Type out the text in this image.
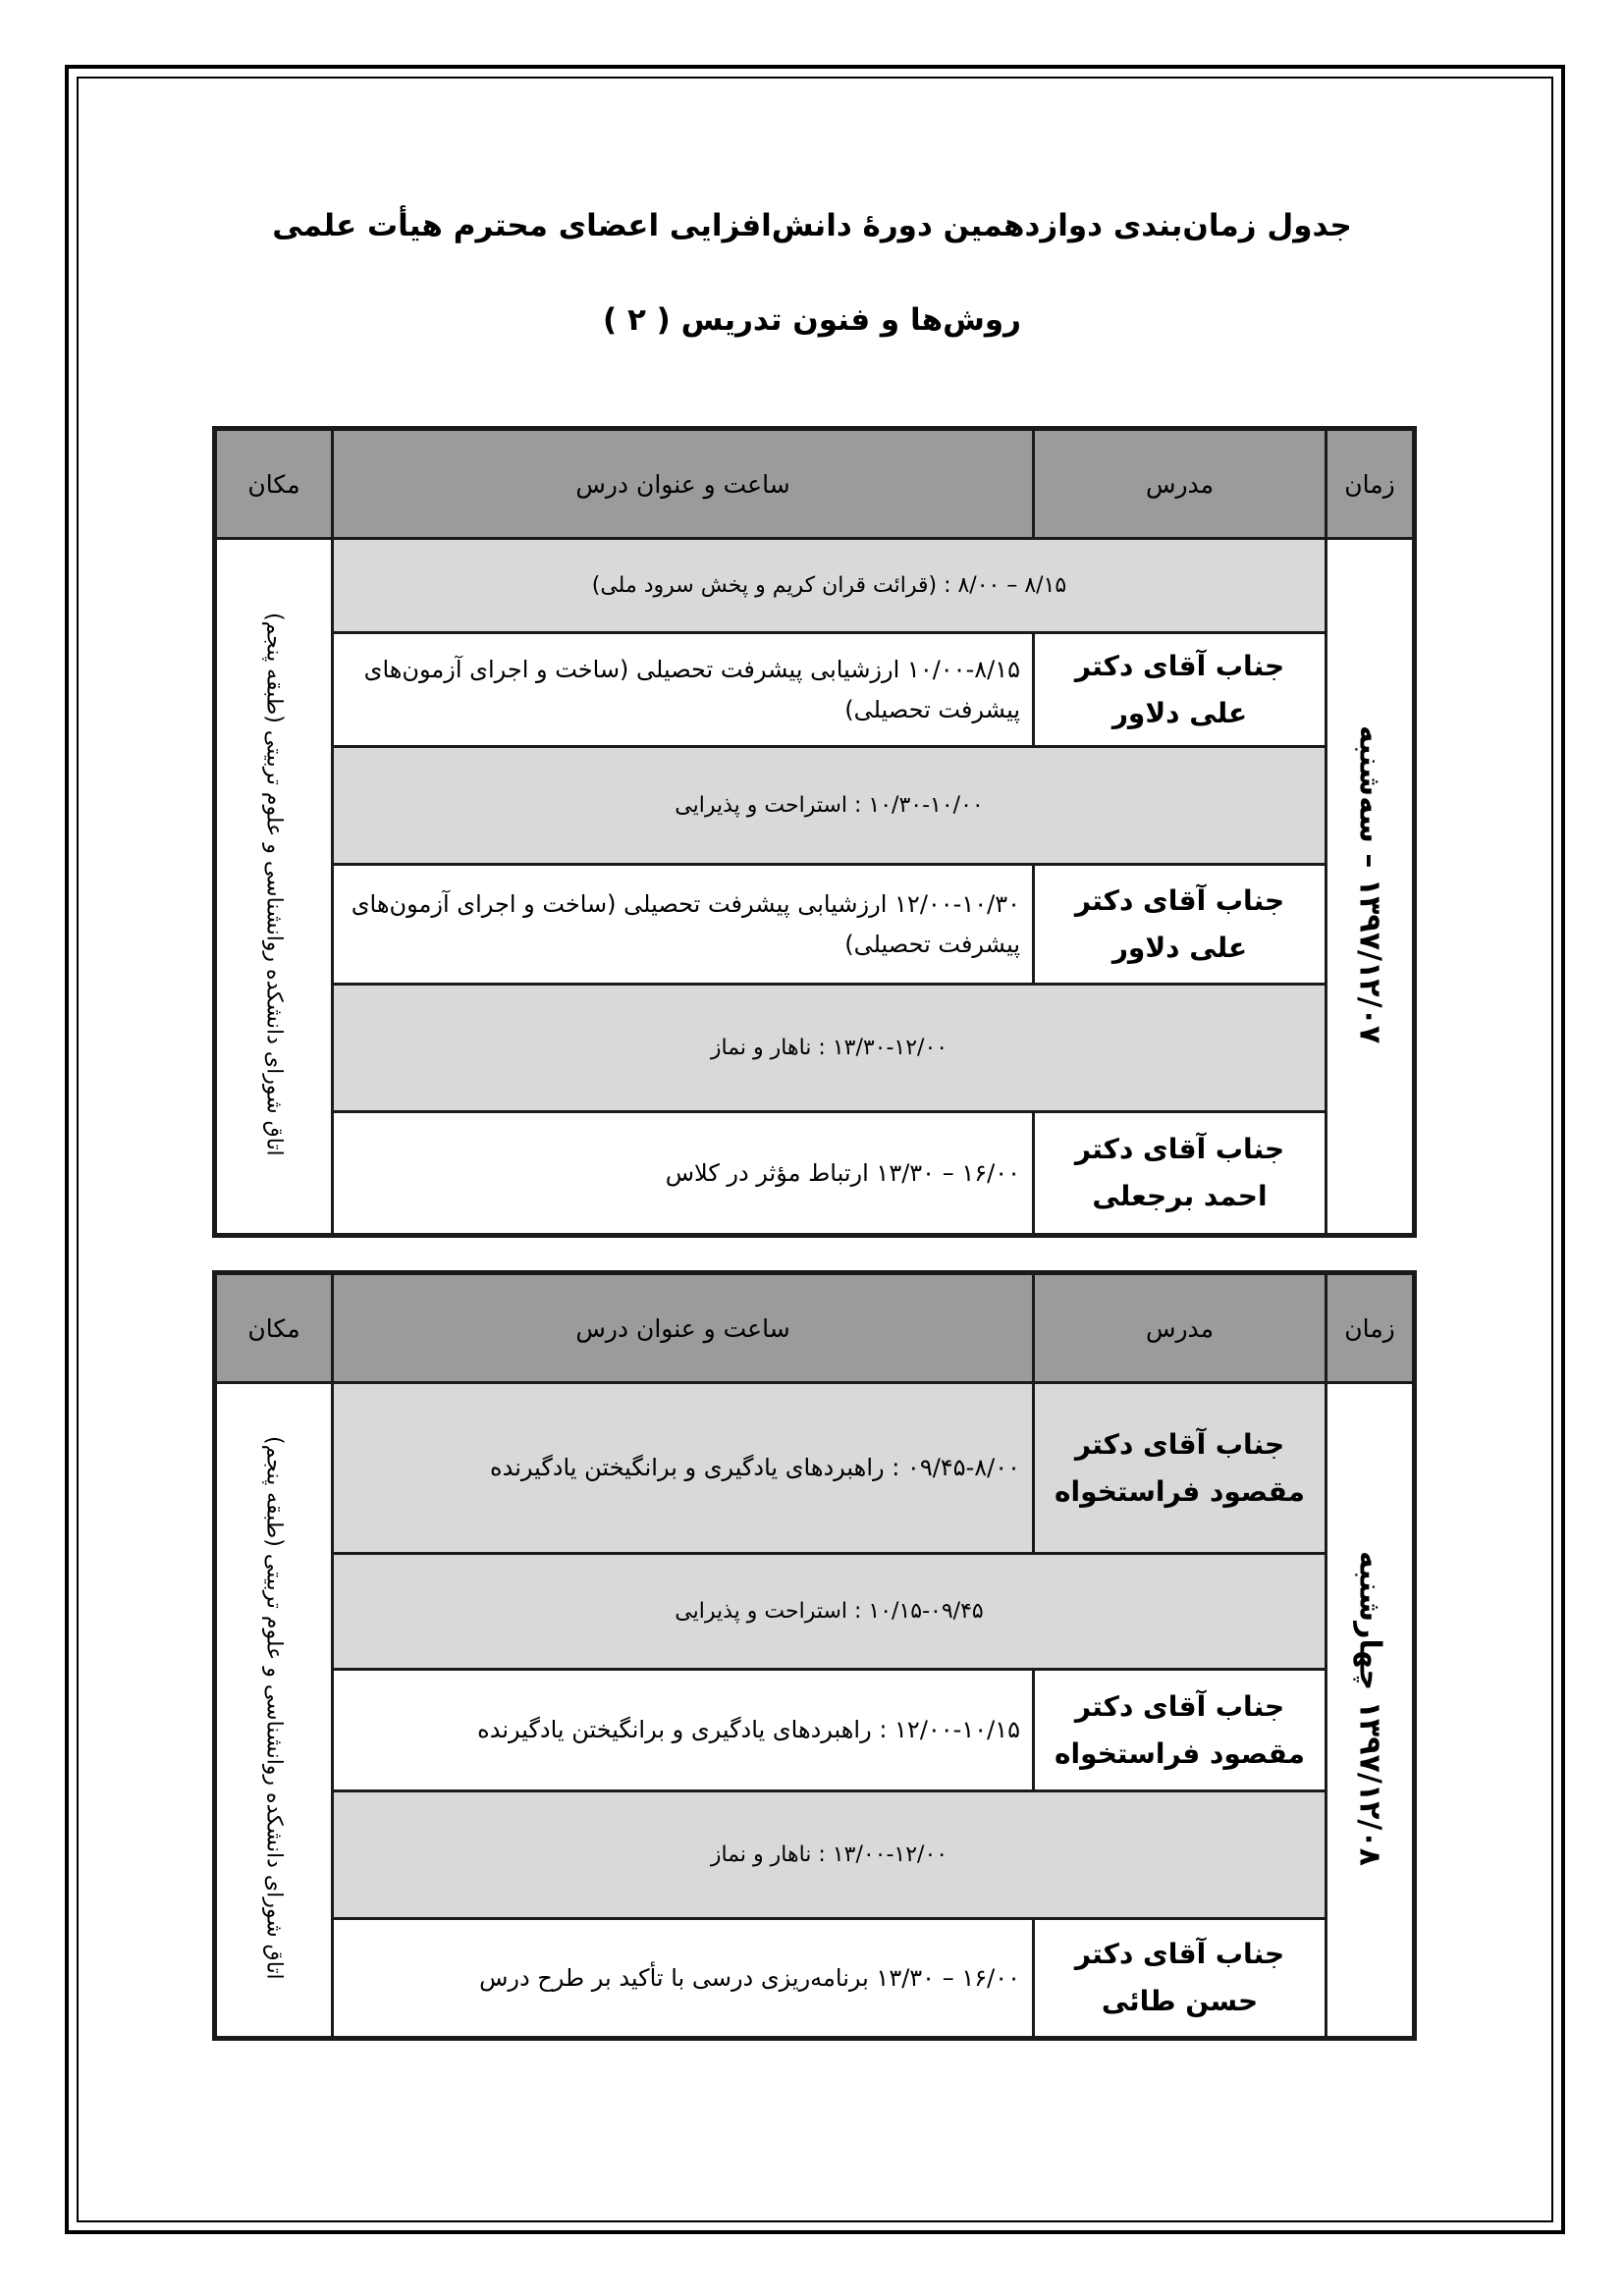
جدول زمان‌بندی دوازدهمین دورهٔ دانش‌افزایی اعضای محترم هیأت علمی
روش‌ها و فنون تدریس ( ۲ )
زمان	مدرس	ساعت و عنوان درس	مکان
۱۳۹۷/۱۲/۰۷ – سه‌شنبه	۸/۱۵ – ۸/۰۰ : (قرائت قران کریم و پخش سرود ملی)		اتاق شورای دانشکده روانشناسی و علوم تربیتی (طبقه پنجم)
	جناب آقای دکتر علی دلاور	۱۰/۰۰-۸/۱۵ ارزشیابی پیشرفت تحصیلی (ساخت و اجرای آزمون‌های پیشرفت تحصیلی)	
	۱۰/۳۰-۱۰/۰۰ : استراحت و پذیرایی		
	جناب آقای دکتر علی دلاور	۱۲/۰۰-۱۰/۳۰ ارزشیابی پیشرفت تحصیلی (ساخت و اجرای آزمون‌های پیشرفت تحصیلی)	
	۱۳/۳۰-۱۲/۰۰ : ناهار و نماز		
	جناب آقای دکتر احمد برجعلی	۱۶/۰۰ – ۱۳/۳۰ ارتباط مؤثر در کلاس	
زمان	مدرس	ساعت و عنوان درس	مکان
۱۳۹۷/۱۲/۰۸ چهارشنبه	جناب آقای دکتر مقصود فراستخواه	۰۹/۴۵-۸/۰۰ : راهبردهای یادگیری و برانگیختن یادگیرنده	اتاق شورای دانشکده روانشناسی و علوم تربیتی (طبقه پنجم)
	۱۰/۱۵-۰۹/۴۵ : استراحت و پذیرایی		
	جناب آقای دکتر مقصود فراستخواه	۱۲/۰۰-۱۰/۱۵ : راهبردهای یادگیری و برانگیختن یادگیرنده	
	۱۳/۰۰-۱۲/۰۰ : ناهار و نماز		
	جناب آقای دکتر حسن طائی	۱۶/۰۰ – ۱۳/۳۰ برنامه‌ریزی درسی با تأکید بر طرح درس	
